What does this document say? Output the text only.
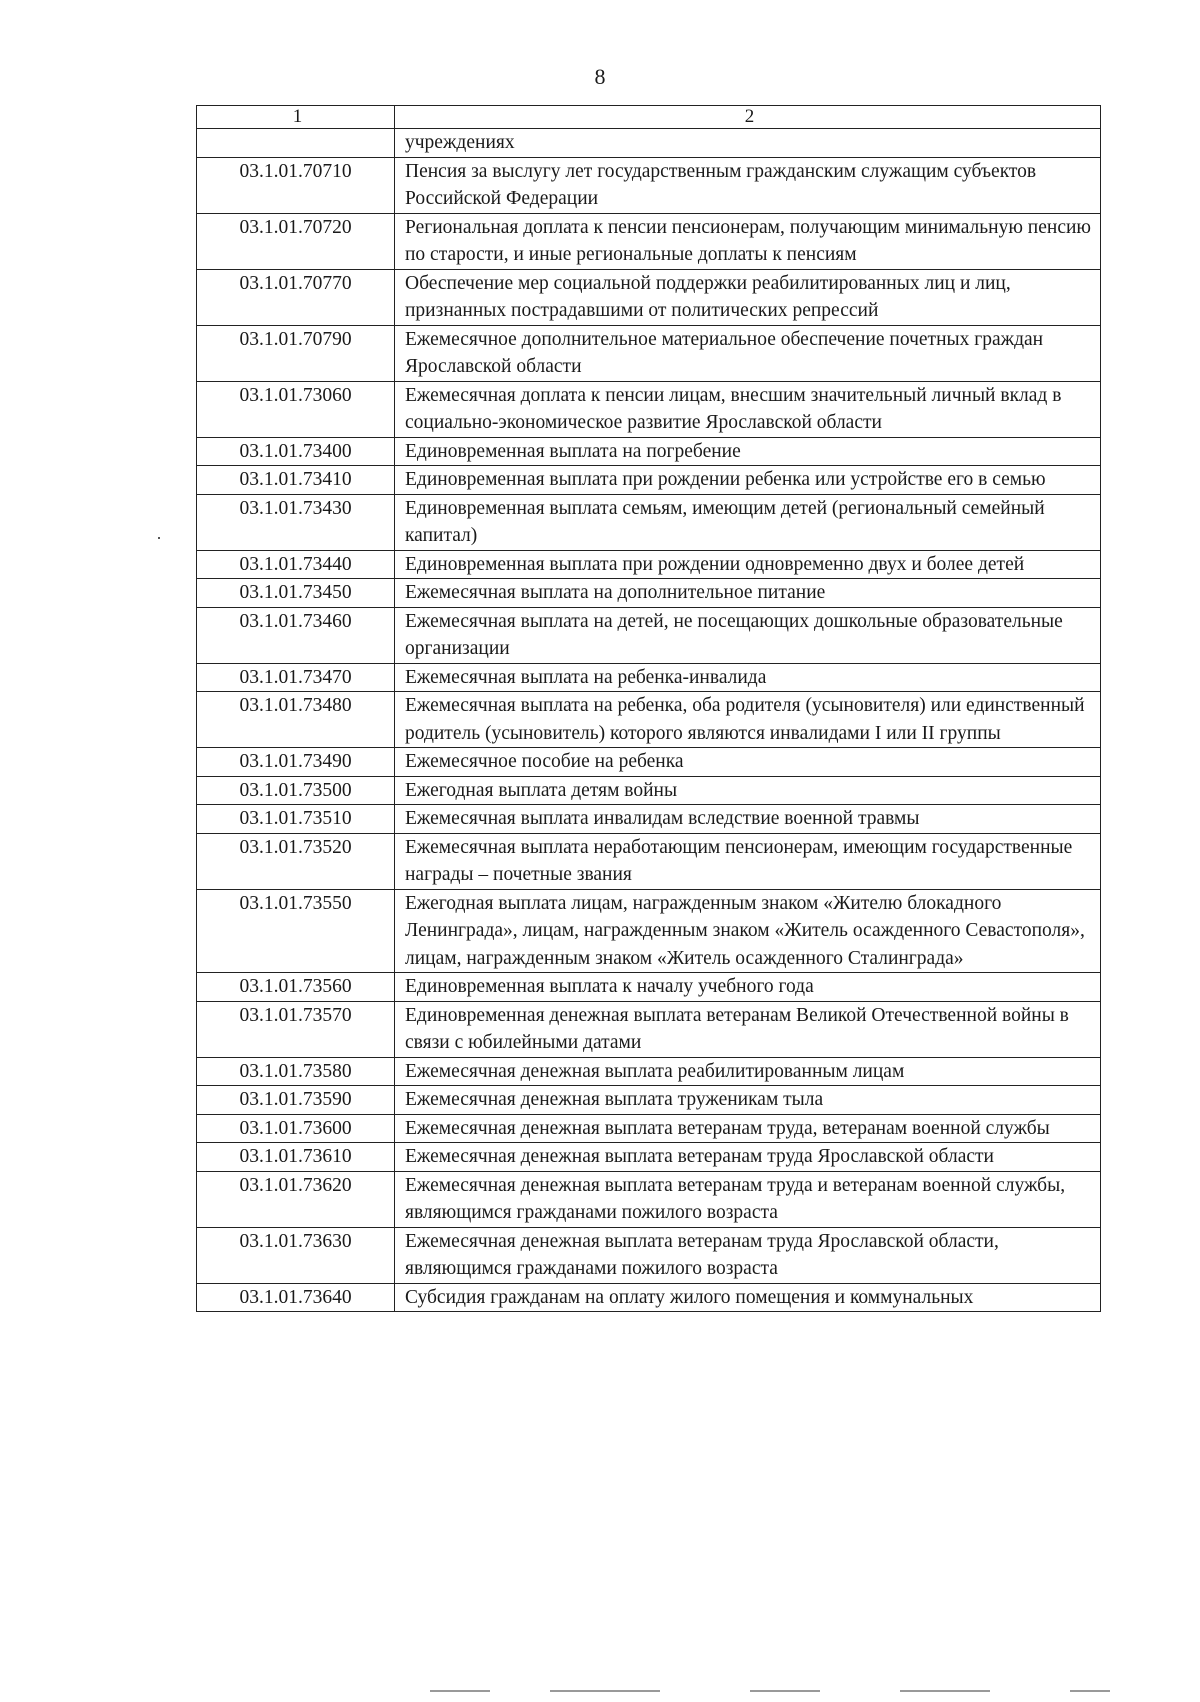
8
1	2
	учреждениях
03.1.01.70710	Пенсия за выслугу лет государственным гражданским служащим субъектов Российской Федерации
03.1.01.70720	Региональная доплата к пенсии пенсионерам, получающим минимальную пенсию по старости, и иные региональные доплаты к пенсиям
03.1.01.70770	Обеспечение мер социальной поддержки реабилитированных лиц и лиц, признанных пострадавшими от политических репрессий
03.1.01.70790	Ежемесячное дополнительное материальное обеспечение почетных граждан Ярославской области
03.1.01.73060	Ежемесячная доплата к пенсии лицам, внесшим значительный личный вклад в социально-экономическое развитие Ярославской области
03.1.01.73400	Единовременная выплата на погребение
03.1.01.73410	Единовременная выплата при рождении ребенка или устройстве его в семью
03.1.01.73430	Единовременная выплата семьям, имеющим детей (региональный семейный капитал)
03.1.01.73440	Единовременная выплата при рождении одновременно двух и более детей
03.1.01.73450	Ежемесячная выплата на дополнительное питание
03.1.01.73460	Ежемесячная выплата на детей, не посещающих дошкольные образовательные организации
03.1.01.73470	Ежемесячная выплата на ребенка-инвалида
03.1.01.73480	Ежемесячная выплата на ребенка, оба родителя (усыновителя) или единственный родитель (усыновитель) которого являются инвалидами I или II группы
03.1.01.73490	Ежемесячное пособие на ребенка
03.1.01.73500	Ежегодная выплата детям войны
03.1.01.73510	Ежемесячная выплата инвалидам вследствие военной травмы
03.1.01.73520	Ежемесячная выплата неработающим пенсионерам, имеющим государственные награды – почетные звания
03.1.01.73550	Ежегодная выплата лицам, награжденным знаком «Жителю блокадного Ленинграда», лицам, награжденным знаком «Житель осажденного Севастополя», лицам, награжденным знаком «Житель осажденного Сталинграда»
03.1.01.73560	Единовременная выплата к началу учебного года
03.1.01.73570	Единовременная денежная выплата ветеранам Великой Отечественной войны в связи с юбилейными датами
03.1.01.73580	Ежемесячная денежная выплата реабилитированным лицам
03.1.01.73590	Ежемесячная денежная выплата труженикам тыла
03.1.01.73600	Ежемесячная денежная выплата ветеранам труда, ветеранам военной службы
03.1.01.73610	Ежемесячная денежная выплата ветеранам труда Ярославской области
03.1.01.73620	Ежемесячная денежная выплата ветеранам труда и ветеранам военной службы, являющимся гражданами пожилого возраста
03.1.01.73630	Ежемесячная денежная выплата ветеранам труда Ярославской области, являющимся гражданами пожилого возраста
03.1.01.73640	Субсидия гражданам на оплату жилого помещения и коммунальных
